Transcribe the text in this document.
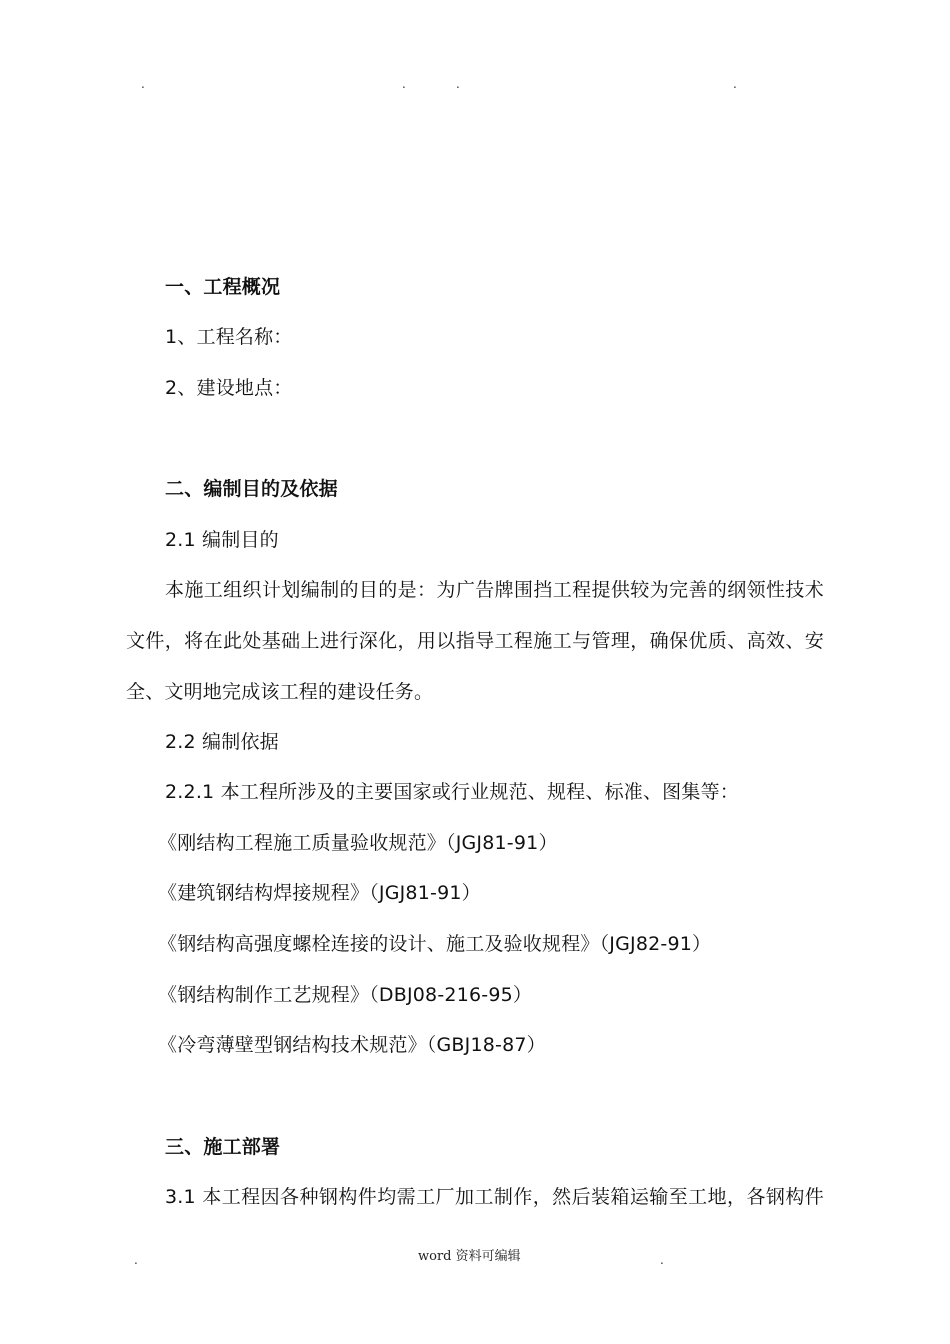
.	.	.	.
一、工程概况
1、工程名称：
2、建设地点：
二、编制目的及依据
2.1 编制目的
本施工组织计划编制的目的是：为广告牌围挡工程提供较为完善的纲领性技术
文件，将在此处基础上进行深化，用以指导工程施工与管理，确保优质、高效、安
全、文明地完成该工程的建设任务。
2.2 编制依据
2.2.1 本工程所涉及的主要国家或行业规范、规程、标准、图集等：
《刚结构工程施工质量验收规范》（JGJ81-91）
《建筑钢结构焊接规程》（JGJ81-91）
《钢结构高强度螺栓连接的设计、施工及验收规程》（JGJ82-91）
《钢结构制作工艺规程》（DBJ08-216-95）
《冷弯薄壁型钢结构技术规范》（GBJ18-87）
三、施工部署
3.1 本工程因各种钢构件均需工厂加工制作，然后装箱运输至工地，各钢构件
.	word 资料可编辑	.
